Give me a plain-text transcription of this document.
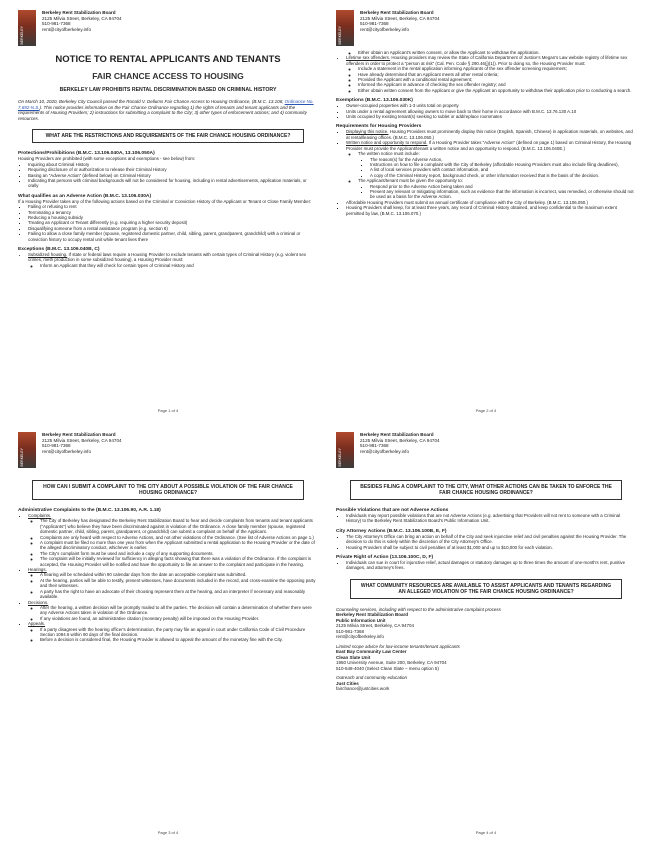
BERKELEY
Berkeley Rent Stabilization Board
2125 Milvia Street, Berkeley, CA 94704
510-981-7368
rent@cityofberkeley.info
NOTICE TO RENTAL APPLICANTS AND TENANTS
FAIR CHANCE ACCESS TO HOUSING
BERKELEY LAW PROHIBITS RENTAL DISCRIMINATION BASED ON CRIMINAL HISTORY
On March 10, 2020, Berkeley City Council passed the Ronald V. Dellums Fair Chance Access to Housing Ordinance, (B.M.C. 13.106; Ordinance No. 7,692-N.S.). This notice provides information on the Fair Chance Ordinance regarding 1) the rights of tenants and tenant applicants and the requirements of Housing Providers; 2) instructions for submitting a complaint to the City; 3) other types of enforcement actions; and 4) community resources.
WHAT ARE THE RESTRICTIONS AND REQUIREMENTS OF THE FAIR CHANCE HOUSING ORDINANCE?
Protections/Prohibitions (B.M.C. 13.106.040A, 13.106.050A)
Housing Providers are prohibited (with some exceptions and exemptions - see below) from:
▪ Inquiring about Criminal History
▪ Requiring disclosure of or authorization to release their Criminal History
▪ Basing an "Adverse Action" (defined below) on Criminal History
▪ Indicating that persons with criminal backgrounds will not be considered for housing, including in rental advertisements, application materials, or orally
What qualifies as an Adverse Action (B.M.C. 13.106.030A)
If a Housing Provider takes any of the following actions based on the Criminal or Conviction History of the Applicant or Tenant or Close Family Member:
▪ Failing or refusing to rent
▪ Terminating a tenancy
▪ Reducing a housing subsidy
▪ Treating an Applicant or Tenant differently (e.g. requiring a higher security deposit)
▪ Disqualifying someone from a rental assistance program (e.g. section 8)
▪ Failing to allow a close family member (spouse, registered domestic partner, child, sibling, parent, grandparent, grandchild) with a criminal or conviction history to occupy rental unit while tenant lives there
Exceptions (B.M.C. 13.106.040B, C)
• Subsidized housing. If state or federal laws require a Housing Provider to exclude tenants with certain types of Criminal History (e.g. violent sex crimes, meth production in some subsidized housing), a Housing Provider must:
◦ Inform an Applicant that they will check for certain types of Criminal History and
Page 1 of 4
BERKELEY
Berkeley Rent Stabilization Board
2125 Milvia Street, Berkeley, CA 94704
510-981-7368
rent@cityofberkeley.info
◦ Either obtain an Applicant's written consent, or allow the Applicant to withdraw the application.
• Lifetime sex offenders. Housing providers may review the State of California Department of Justice's Megan's Law website registry of lifetime sex offenders in order to protect a "person at risk" (Cal. Pen. Code § 290.46(j)(1)). Prior to doing so, the Housing Provider must:
◦ Include a statement in the rental application informing Applicants of the sex offender screening requirement;
◦ Have already determined that an Applicant meets all other rental criteria;
◦ Provided the Applicant with a conditional rental agreement;
◦ Informed the Applicant in advance of checking the sex offender registry; and
◦ Either obtain written consent from the Applicant or give the Applicant an opportunity to withdraw their application prior to conducting a search.
Exemptions (B.M.C. 13.106.030K)
▪ Owner-occupied properties with 1-3 units total on property
▪ Units under a rental agreement allowing owners to move back to their home in accordance with B.M.C. 13.76.130 A.10
▪ Units occupied by existing tenant(s) seeking to sublet or add/replace roommates
Requirements for Housing Providers
▪ Displaying this notice. Housing Providers must prominently display this notice (English, Spanish, Chinese) in application materials, on websites, and at rental/leasing offices. (B.M.C. 13.106.050.)
▪ Written notice and opportunity to respond. If a Housing Provider takes "Adverse Action" (defined on page 1) based on Criminal History, the Housing Provider must provide the Applicant/tenant a written notice and an opportunity to respond. (B.M.C. 13.106.040E.)
◦ The written notice must include:
▪ The reason(s) for the Adverse Action,
▪ Instructions on how to file a complaint with the City of Berkeley (affordable Housing Providers must also include filing deadlines),
▪ A list of local services providers with contact information, and
▪ A copy of the Criminal History report, background check, or other information received that is the basis of the decision.
◦ The Applicant/tenant must be given the opportunity to:
▪ Respond prior to the Adverse Action being taken and
▪ Present any relevant or mitigating information, such as evidence that the information is incorrect, was remedied, or otherwise should not be used as a basis for the Adverse Action.
▪ Affordable Housing Providers must submit an annual certificate of compliance with the City of Berkeley. (B.M.C. 13.106.050.)
▪ Housing Providers shall keep, for at least three years, any record of Criminal History obtained, and keep confidential to the maximum extent permitted by law, (B.M.C. 13.106.070.)
Page 2 of 4
BERKELEY
Berkeley Rent Stabilization Board
2125 Milvia Street, Berkeley, CA 94704
510-981-7368
rent@cityofberkeley.info
HOW CAN I SUBMIT A COMPLAINT TO THE CITY ABOUT A POSSIBLE VIOLATION OF THE FAIR CHANCE HOUSING ORDINANCE?
Administrative Complaints to the (B.M.C. 13.106.90, A.R. 1.18)
▪ Complaints.
◦ The City of Berkeley has designated the Berkeley Rent Stabilization Board to hear and decide complaints from tenants and tenant applicants ("Applicants") who believe they have been discriminated against in violation of the Ordinance. A close family member (spouse, registered domestic partner, child, sibling, parent, grandparent, or grandchild) can submit a complaint on behalf of the Applicant.
◦ Complaints are only heard with respect to Adverse Actions, and not other violations of the Ordinance. (See list of Adverse Actions on page 1.)
◦ A complaint must be filed no more than one year from when the Applicant submitted a rental application to the Housing Provider or the date of the alleged discriminatory conduct, whichever is earlier.
◦ The City's complaint form must be used and include a copy of any supporting documents.
◦ The complaint will be initially reviewed for sufficiency in alleging facts showing that there was a violation of the Ordinance. If the complaint is accepted, the Housing Provider will be notified and have the opportunity to file an answer to the complaint and participate in the hearing.
▪ Hearings.
◦ A hearing will be scheduled within 90 calendar days from the date an acceptable complaint was submitted.
◦ At the hearing, parties will be able to testify, present witnesses, have documents included in the record, and cross-examine the opposing party and their witnesses.
◦ A party has the right to have an advocate of their choosing represent them at the hearing, and an interpreter if necessary and reasonably available.
▪ Decisions.
◦ After the hearing, a written decision will be promptly mailed to all the parties. The decision will contain a determination of whether there were any Adverse Actions taken in violation of the Ordinance.
◦ If any violations are found, an administrative citation (monetary penalty) will be imposed on the Housing Provider.
▪ Appeals.
◦ If a party disagrees with the hearing officer's determination, the party may file an appeal in court under California Code of Civil Procedure Section 1094.6 within 90 days of the final decision.
◦ Before a decision is considered final, the Housing Provider is allowed to appeal the amount of the monetary fine with the City.
Page 3 of 4
BERKELEY
Berkeley Rent Stabilization Board
2125 Milvia Street, Berkeley, CA 94704
510-981-7368
rent@cityofberkeley.info
BESIDES FILING A COMPLAINT TO THE CITY, WHAT OTHER ACTIONS CAN BE TAKEN TO ENFORCE THE FAIR CHANCE HOUSING ORDINANCE?
Possible Violations that are not Adverse Actions
▪ Individuals may report possible violations that are not Adverse Actions (e.g. advertising that Providers will not rent to someone with a Criminal History) to the Berkeley Rent Stabilization Board's Public Information Unit.
City Attorney Actions (B.M.C. 13.106.100B, E, F)
▪ The City Attorney's Office can bring an action on behalf of the City and seek injunctive relief and civil penalties against the Housing Provider. The decision to do this is solely within the discretion of the City Attorney's Office.
▪ Housing Providers shall be subject to civil penalties of at least $1,000 and up to $10,000 for each violation.
Private Right of Action (13.106.100C, D, F)
▪ Individuals can sue in court for injunctive relief, actual damages or statutory damages up to three times the amount of one-month's rent, punitive damages, and attorney's fees.
WHAT COMMUNITY RESOURCES ARE AVAILABLE TO ASSIST APPLICANTS AND TENANTS REGARDING AN ALLEGED VIOLATION OF THE FAIR CHANCE HOUSING ORDINANCE?
Counseling services, including with respect to the administrative complaint process
Berkeley Rent Stabilization Board
Public Information Unit
2125 Milvia Street, Berkeley, CA 94704
510-981-7368
rent@cityofberkeley.info
Limited scope advice for low-income tenants/tenant applicants
East Bay Community Law Center
Clean Slate Unit
1950 University Avenue, Suite 200, Berkeley, CA 94704
510-548-4040 (Select Clean Slate – menu option 5)
Outreach and community education
Just Cities
fairchance@justcities.work
Page 4 of 4
